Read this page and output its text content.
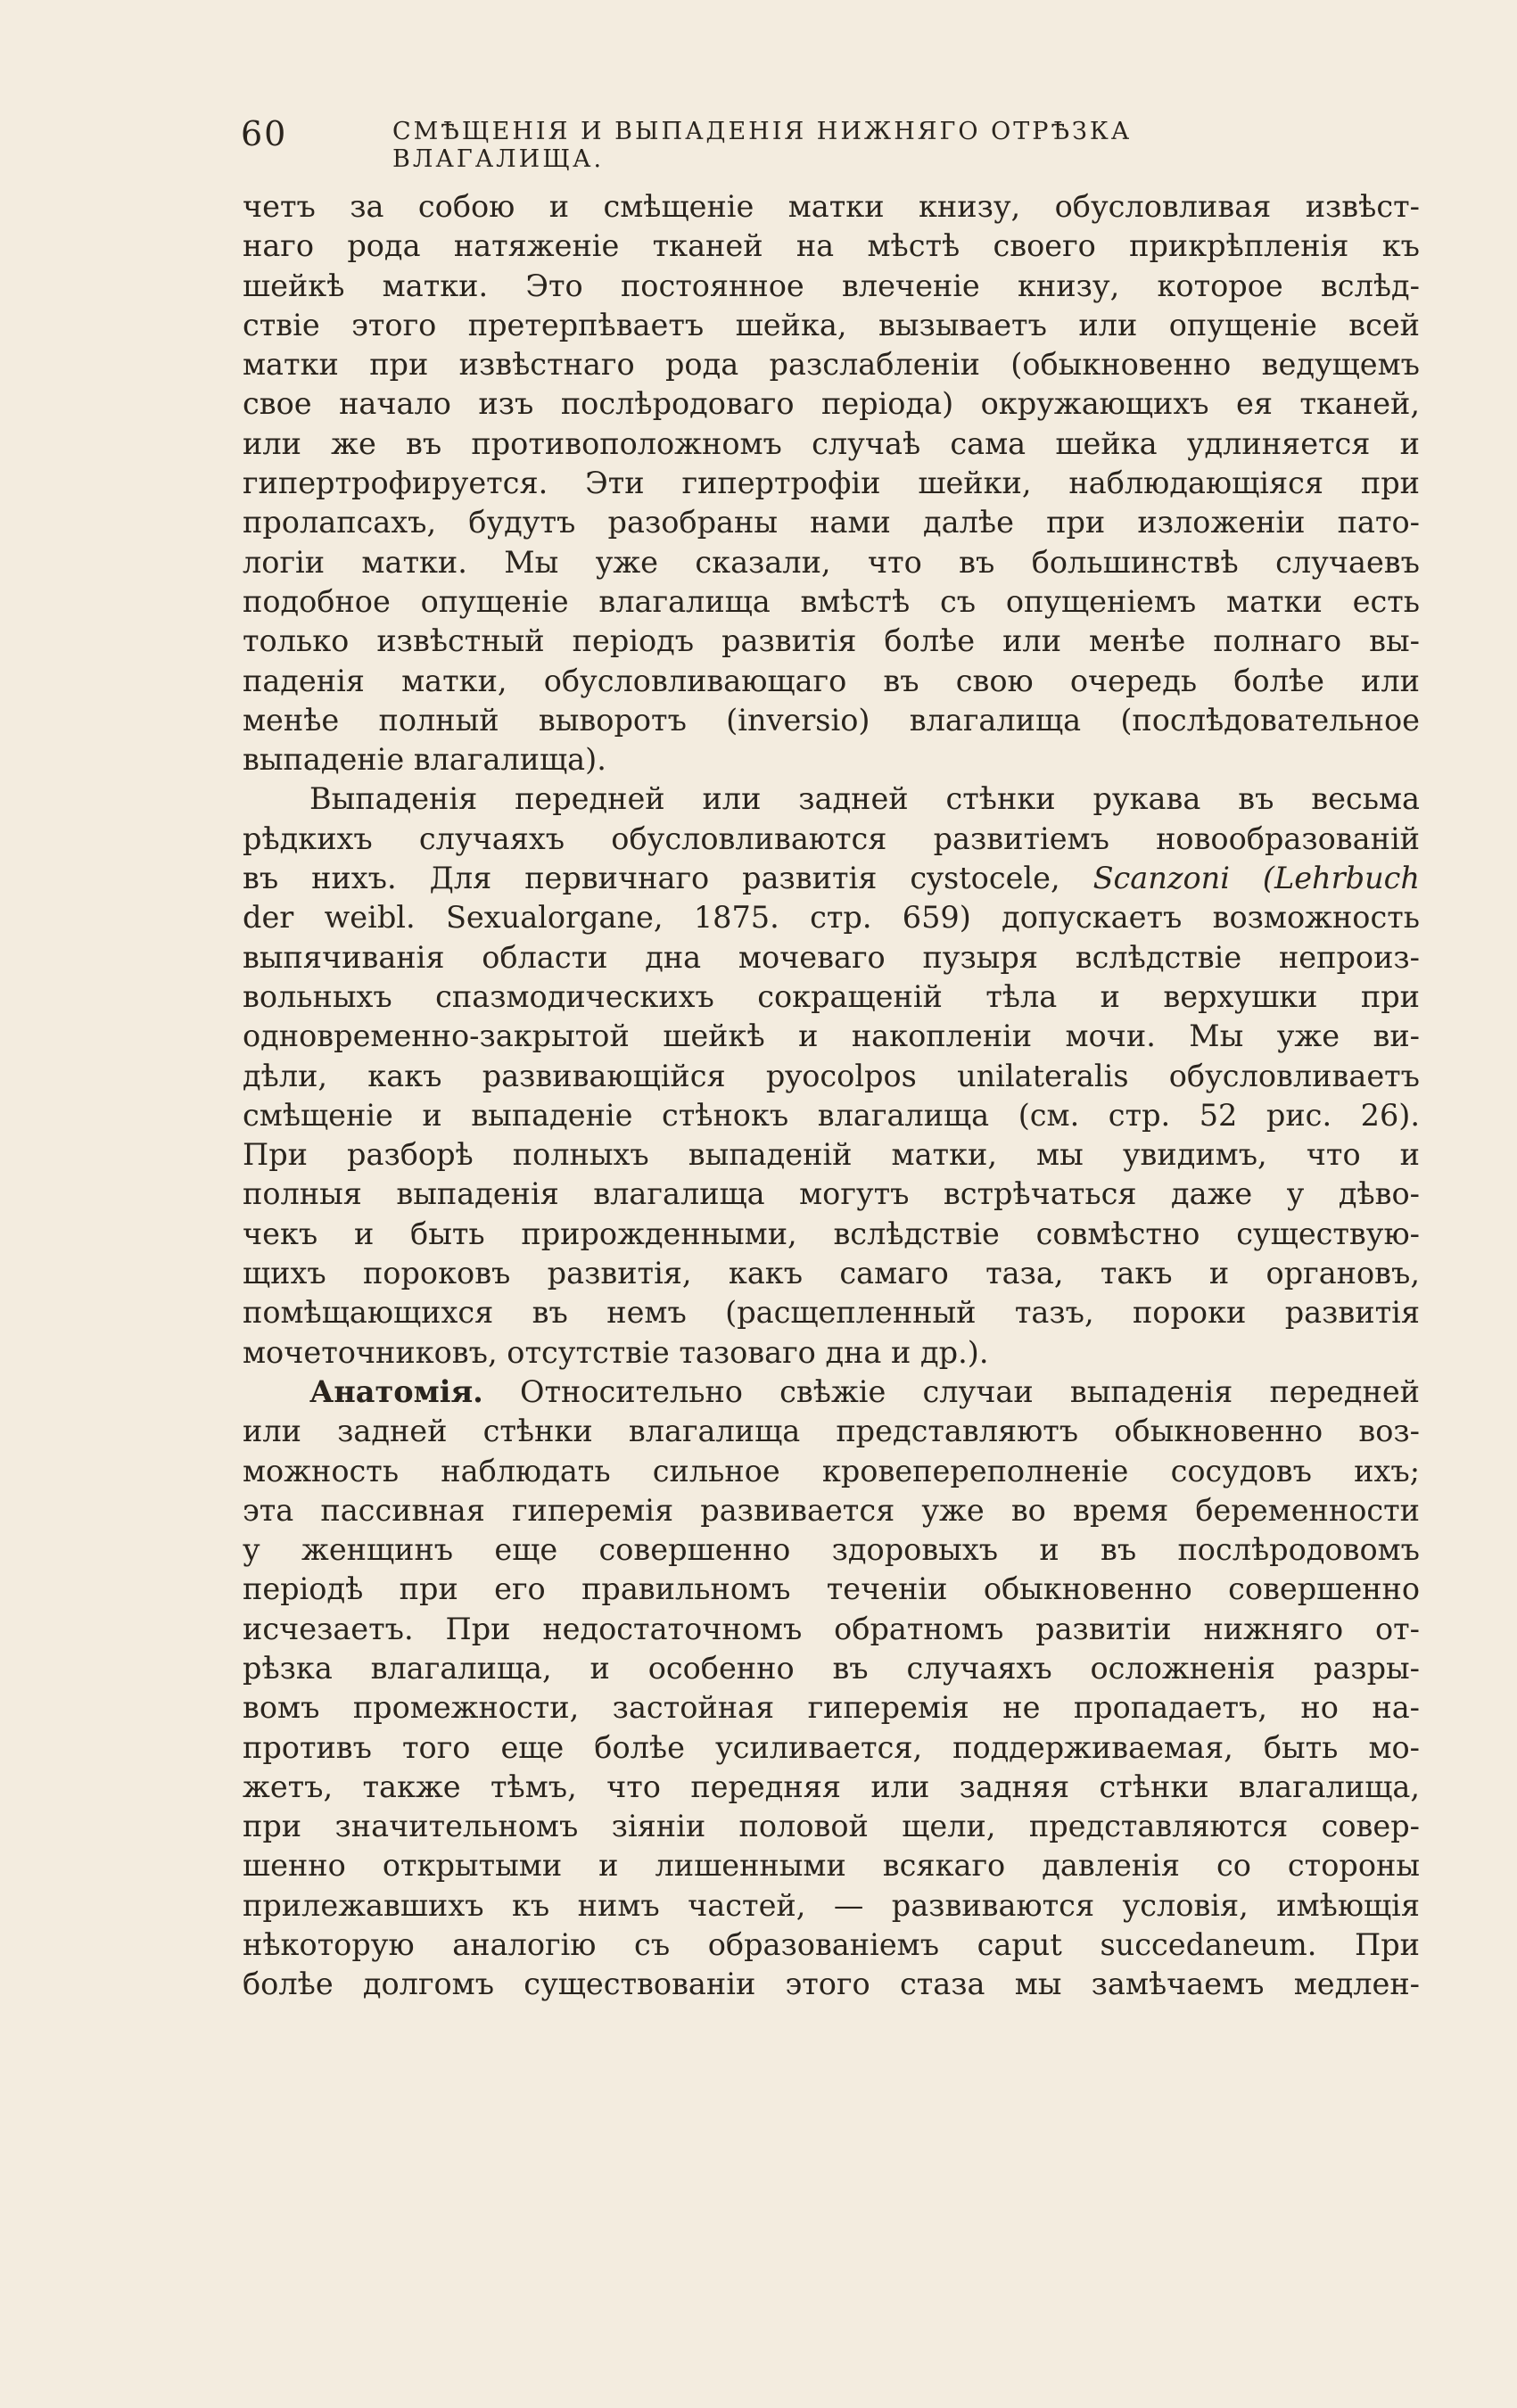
60	СМѢЩЕНІЯ И ВЫПАДЕНІЯ НИЖНЯГО ОТРѢЗКА ВЛАГАЛИЩА.
четъ за собою и смѣщеніе матки книзу, обусловливая извѣст-
наго рода натяженіе тканей на мѣстѣ своего прикрѣпленія къ
шейкѣ матки. Это постоянное влеченіе книзу, которое вслѣд-
ствіе этого претерпѣваетъ шейка, вызываетъ или опущеніе всей
матки при извѣстнаго рода разслабленіи (обыкновенно ведущемъ
свое начало изъ послѣродоваго періода) окружающихъ ея тканей,
или же въ противоположномъ случаѣ сама шейка удлиняется и
гипертрофируется. Эти гипертрофіи шейки, наблюдающіяся при
пролапсахъ, будутъ разобраны нами далѣе при изложеніи пато-
логіи матки. Мы уже сказали, что въ большинствѣ случаевъ
подобное опущеніе влагалища вмѣстѣ съ опущеніемъ матки есть
только извѣстный періодъ развитія болѣе или менѣе полнаго вы-
паденія матки, обусловливающаго въ свою очередь болѣе или
менѣе полный выворотъ (inversio) влагалища (послѣдовательное
выпаденіе влагалища).
Выпаденія передней или задней стѣнки рукава въ весьма
рѣдкихъ случаяхъ обусловливаются развитіемъ новообразованій
въ нихъ. Для первичнаго развитія cystocele, Scanzoni (Lehrbuch
der weibl. Sexualorgane, 1875. стр. 659) допускаетъ возможность
выпячиванія области дна мочеваго пузыря вслѣдствіе непроиз-
вольныхъ спазмодическихъ сокращеній тѣла и верхушки при
одновременно-закрытой шейкѣ и накопленіи мочи. Мы уже ви-
дѣли, какъ развивающійся pyocolpos unilateralis обусловливаетъ
смѣщеніе и выпаденіе стѣнокъ влагалища (см. стр. 52 рис. 26).
При разборѣ полныхъ выпаденій матки, мы увидимъ, что и
полныя выпаденія влагалища могутъ встрѣчаться даже у дѣво-
чекъ и быть прирожденными, вслѣдствіе совмѣстно существую-
щихъ пороковъ развитія, какъ самаго таза, такъ и органовъ,
помѣщающихся въ немъ (расщепленный тазъ, пороки развитія
мочеточниковъ, отсутствіе тазоваго дна и др.).
Анатомія. Относительно свѣжіе случаи выпаденія передней
или задней стѣнки влагалища представляютъ обыкновенно воз-
можность наблюдать сильное кровепереполненіе сосудовъ ихъ;
эта пассивная гиперемія развивается уже во время беременности
у женщинъ еще совершенно здоровыхъ и въ послѣродовомъ
періодѣ при его правильномъ теченіи обыкновенно совершенно
исчезаетъ. При недостаточномъ обратномъ развитіи нижняго от-
рѣзка влагалища, и особенно въ случаяхъ осложненія разры-
вомъ промежности, застойная гиперемія не пропадаетъ, но на-
противъ того еще болѣе усиливается, поддерживаемая, быть мо-
жетъ, также тѣмъ, что передняя или задняя стѣнки влагалища,
при значительномъ зіяніи половой щели, представляются совер-
шенно открытыми и лишенными всякаго давленія со стороны
прилежавшихъ къ нимъ частей, — развиваются условія, имѣющія
нѣкоторую аналогію съ образованіемъ caput succedaneum. При
болѣе долгомъ существованіи этого стаза мы замѣчаемъ медлен-
